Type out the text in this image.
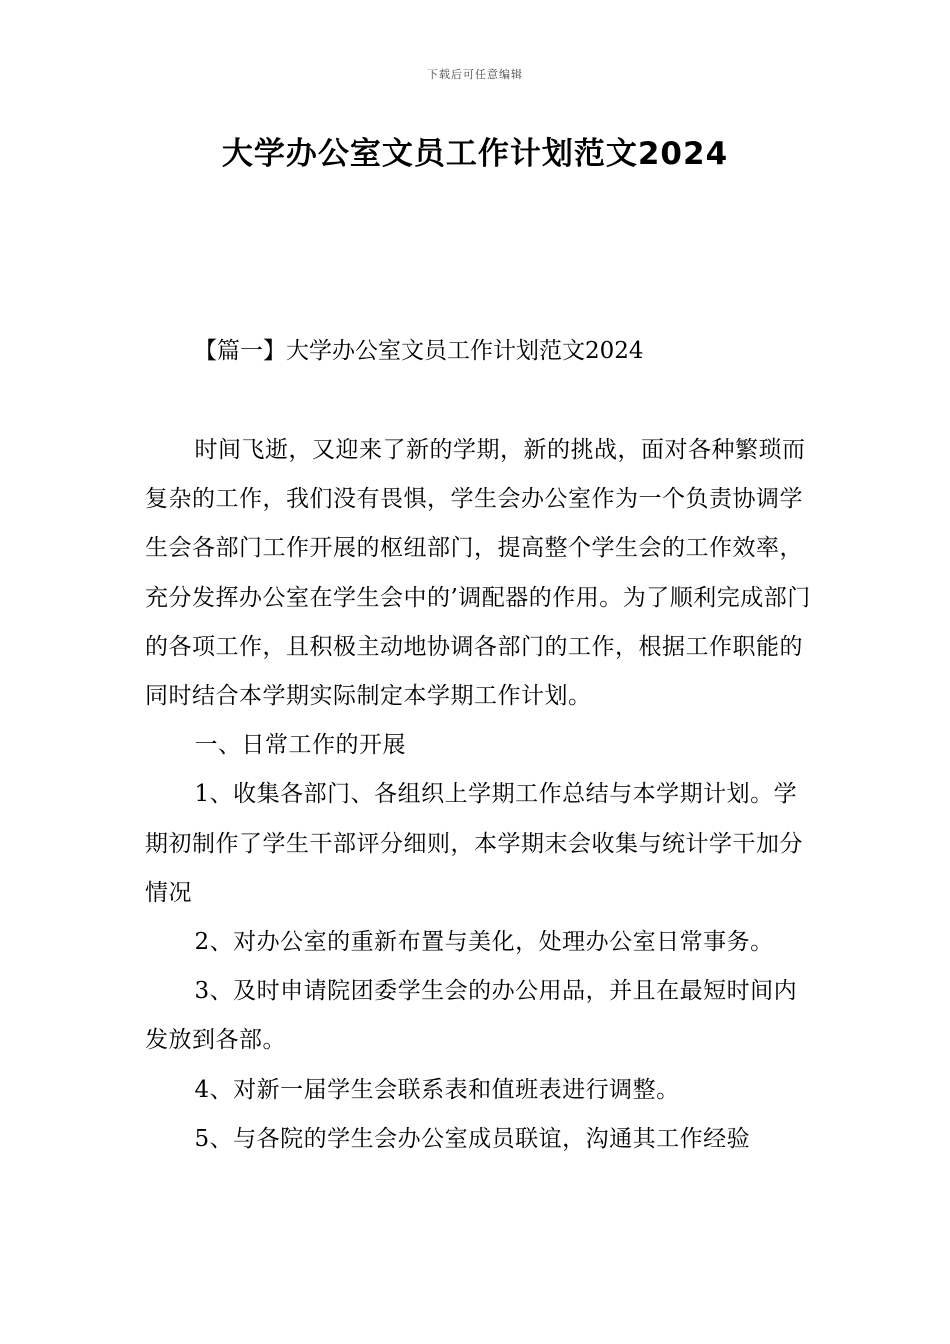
下载后可任意编辑
大学办公室文员工作计划范文2024
【篇一】大学办公室文员工作计划范文2024

时间飞逝，又迎来了新的学期，新的挑战，面对各种繁琐而复杂的工作，我们没有畏惧，学生会办公室作为一个负责协调学生会各部门工作开展的枢纽部门，提高整个学生会的工作效率，充分发挥办公室在学生会中的’调配器的作用。为了顺利完成部门的各项工作，且积极主动地协调各部门的工作，根据工作职能的同时结合本学期实际制定本学期工作计划。

一、日常工作的开展

1、收集各部门、各组织上学期工作总结与本学期计划。学期初制作了学生干部评分细则，本学期末会收集与统计学干加分情况

2、对办公室的重新布置与美化，处理办公室日常事务。

3、及时申请院团委学生会的办公用品，并且在最短时间内发放到各部。

4、对新一届学生会联系表和值班表进行调整。

5、与各院的学生会办公室成员联谊，沟通其工作经验
